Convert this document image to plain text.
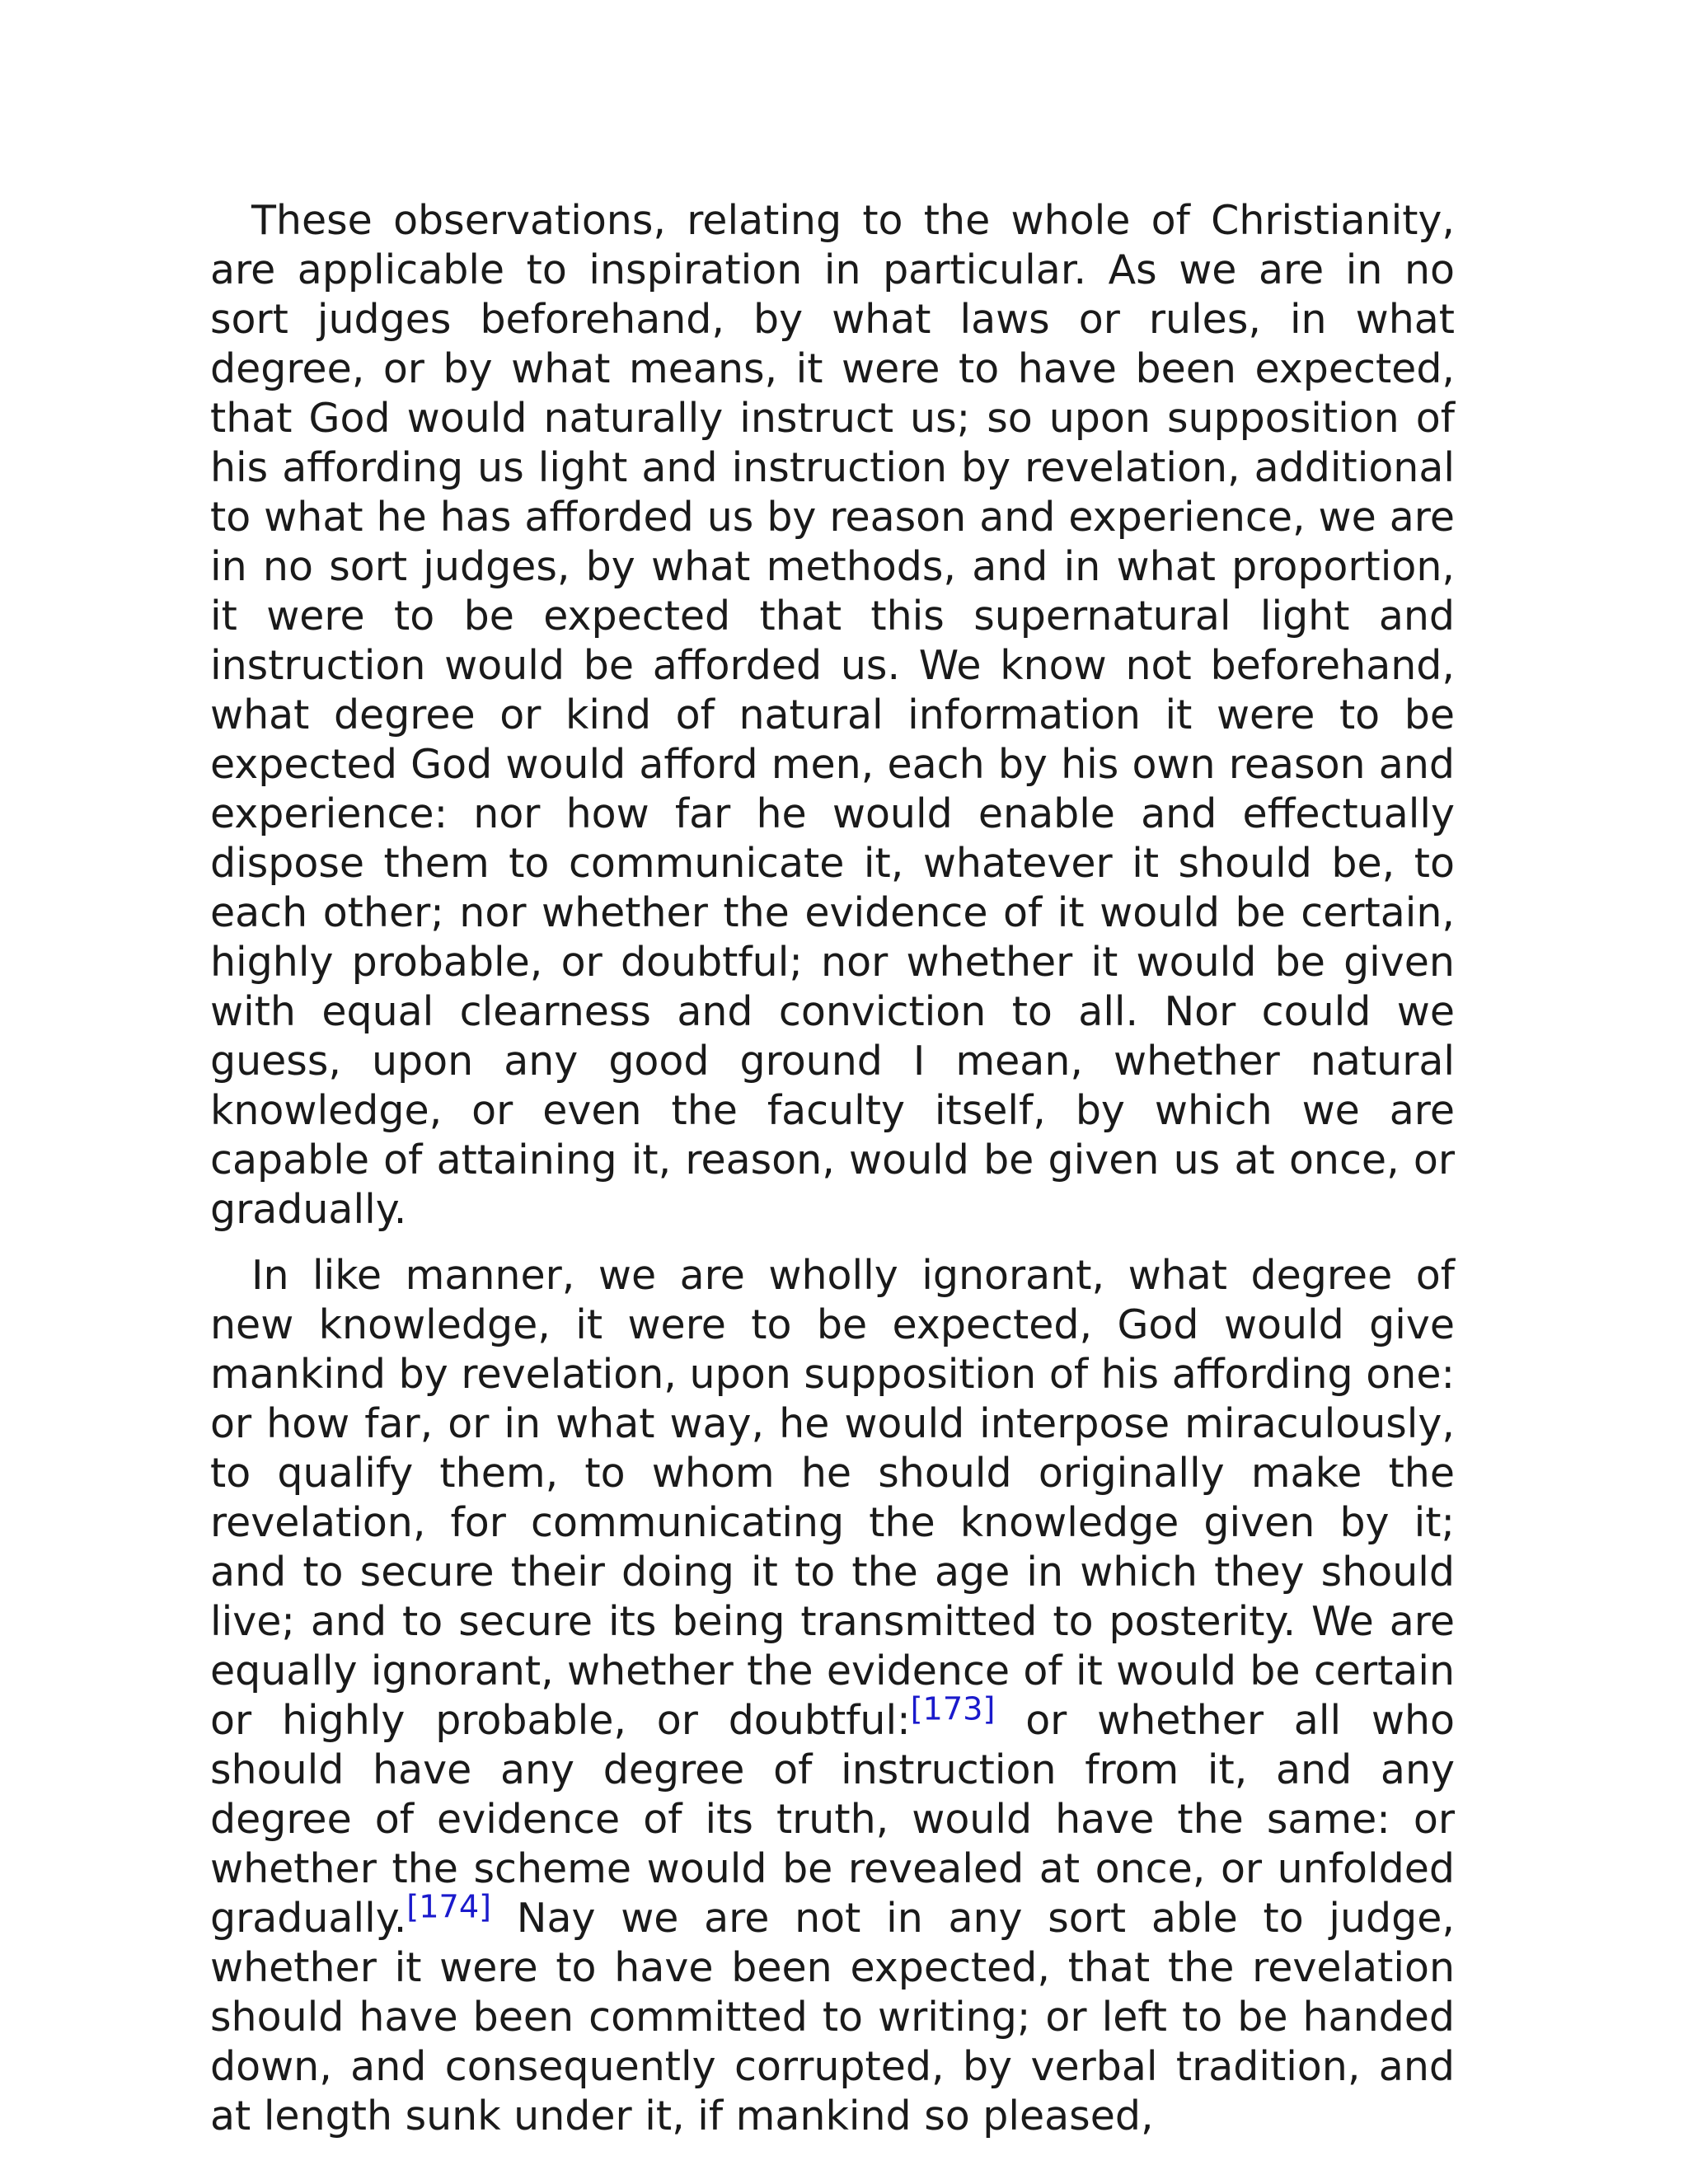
These observations, relating to the whole of Christianity, are applicable to inspiration in particular. As we are in no sort judges beforehand, by what laws or rules, in what degree, or by what means, it were to have been expected, that God would naturally instruct us; so upon supposition of his affording us light and instruction by revelation, additional to what he has afforded us by reason and experience, we are in no sort judges, by what methods, and in what proportion, it were to be expected that this supernatural light and instruction would be afforded us. We know not beforehand, what degree or kind of natural information it were to be expected God would afford men, each by his own reason and experience: nor how far he would enable and effectually dispose them to communicate it, whatever it should be, to each other; nor whether the evidence of it would be certain, highly probable, or doubtful; nor whether it would be given with equal clearness and conviction to all. Nor could we guess, upon any good ground I mean, whether natural knowledge, or even the faculty itself, by which we are capable of attaining it, reason, would be given us at once, or gradually.

In like manner, we are wholly ignorant, what degree of new knowledge, it were to be expected, God would give mankind by revelation, upon supposition of his affording one: or how far, or in what way, he would interpose miraculously, to qualify them, to whom he should originally make the revelation, for communicating the knowledge given by it; and to secure their doing it to the age in which they should live; and to secure its being transmitted to posterity. We are equally ignorant, whether the evidence of it would be certain or highly probable, or doubtful:[173] or whether all who should have any degree of instruction from it, and any degree of evidence of its truth, would have the same: or whether the scheme would be revealed at once, or unfolded gradually.[174] Nay we are not in any sort able to judge, whether it were to have been expected, that the revelation should have been committed to writing; or left to be handed down, and consequently corrupted, by verbal tradition, and at length sunk under it, if mankind so pleased,
